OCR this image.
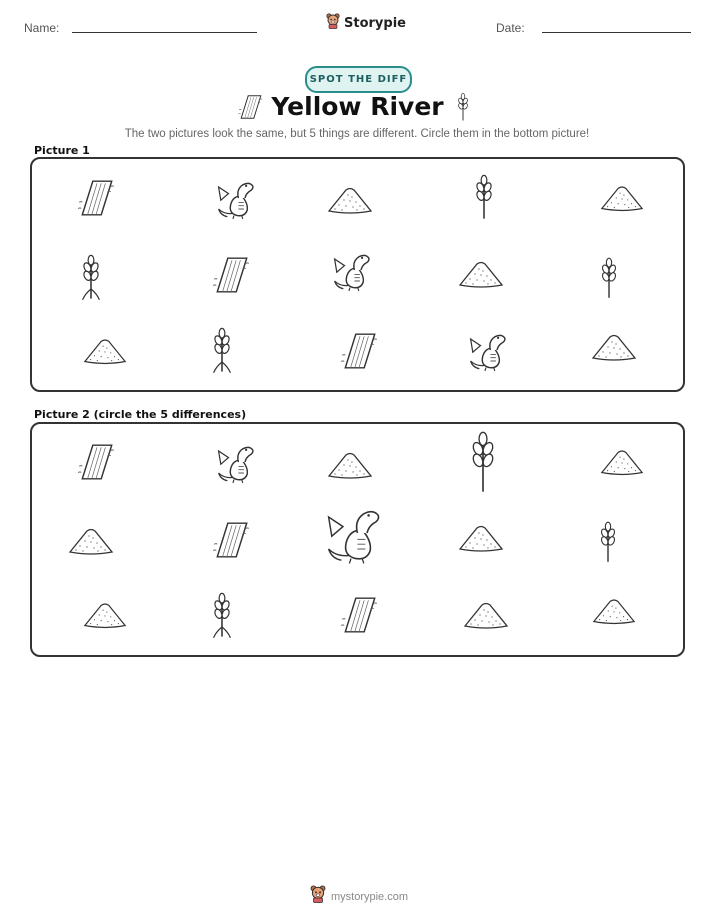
Name:	Storypie	Date:
SPOT THE DIFF
Yellow River
The two pictures look the same, but 5 things are different. Circle them in the bottom picture!
Picture 1
Picture 2 (circle the 5 differences)
mystorypie.com
